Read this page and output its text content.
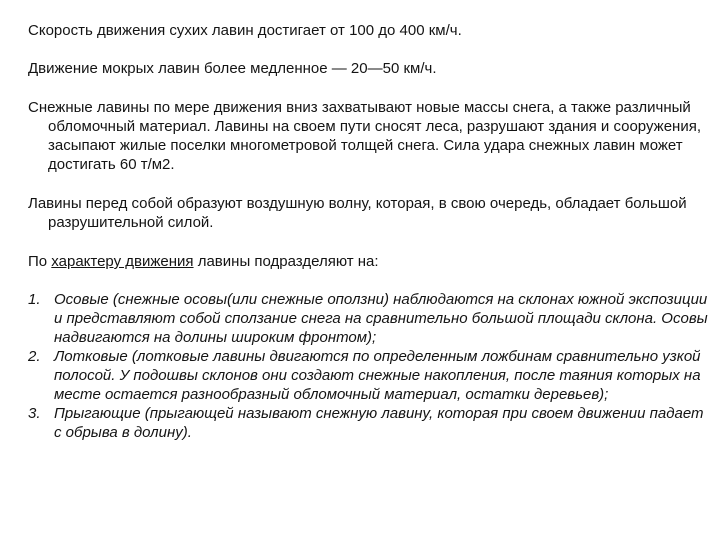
Скорость движения сухих лавин достигает от 100 до 400 км/ч.

Движение мокрых лавин более медленное — 20—50 км/ч.

Снежные лавины по мере движения вниз захватывают новые массы снега, а также различный обломочный материал. Лавины на своем пути сносят леса, разрушают здания и сооружения, засыпают жилые поселки многометровой толщей снега. Сила удара снежных лавин может достигать 60 т/м2.

Лавины перед собой образуют воздушную волну, которая, в свою очередь, обладает большой разрушительной силой.

По характеру движения лавины подразделяют на:

1. Осовые (снежные осовы(или снежные оползни) наблюдаются на склонах южной экспозиции и представляют собой сползание снега на сравнительно большой площади склона. Осовы надвигаются на долины широким фронтом);
2. Лотковые (лотковые лавины двигаются по определенным ложбинам сравнительно узкой полосой. У подошвы склонов они создают снежные накопления, после таяния которых на месте остается разнообразный обломочный материал, остатки деревьев);
3. Прыгающие (прыгающей называют снежную лавину, которая при своем движении падает с обрыва в долину).
